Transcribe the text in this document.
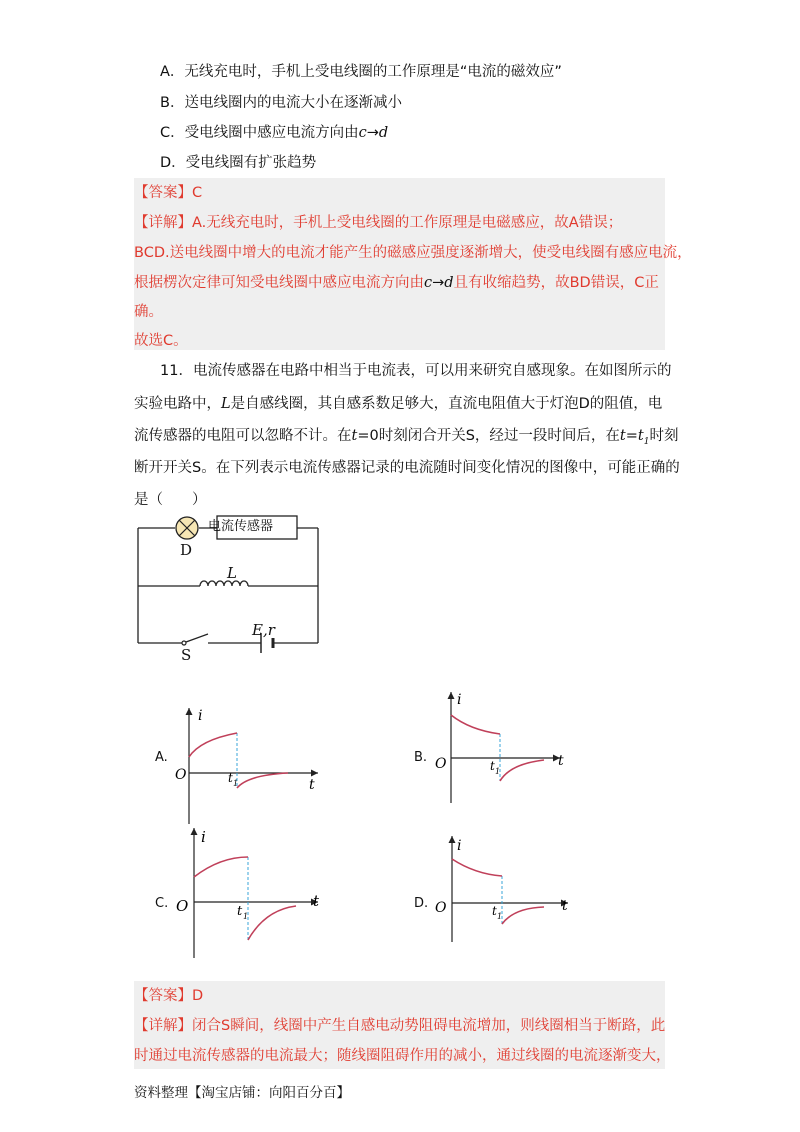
A．无线充电时，手机上受电线圈的工作原理是“电流的磁效应”
B．送电线圈内的电流大小在逐渐减小
C．受电线圈中感应电流方向由c→d
D．受电线圈有扩张趋势
【答案】C
【详解】A.无线充电时，手机上受电线圈的工作原理是电磁感应，故A错误；
BCD.送电线圈中增大的电流才能产生的磁感应强度逐渐增大，使受电线圈有感应电流，
根据楞次定律可知受电线圈中感应电流方向由c→d且有收缩趋势，故BD错误，C正
确。
故选C。
11．电流传感器在电路中相当于电流表，可以用来研究自感现象。在如图所示的
实验电路中，L是自感线圈，其自感系数足够大，直流电阻值大于灯泡D的阻值，电
流传感器的电阻可以忽略不计。在t=0时刻闭合开关S，经过一段时间后，在$t=t_1$时刻
断开开关S。在下列表示电流传感器记录的电流随时间变化情况的图像中，可能正确的
是（　　）
电流传感器
D
L
S
E,r
A.
i
t
O	t 1
B.
i
t
O	t 1
C.
i
t
O	t 1
D.
i
t
O	t 1
【答案】D
【详解】闭合S瞬间，线圈中产生自感电动势阻碍电流增加，则线圈相当于断路，此
时通过电流传感器的电流最大；随线圈阻碍作用的减小，通过线圈的电流逐渐变大，
资料整理【淘宝店铺：向阳百分百】
